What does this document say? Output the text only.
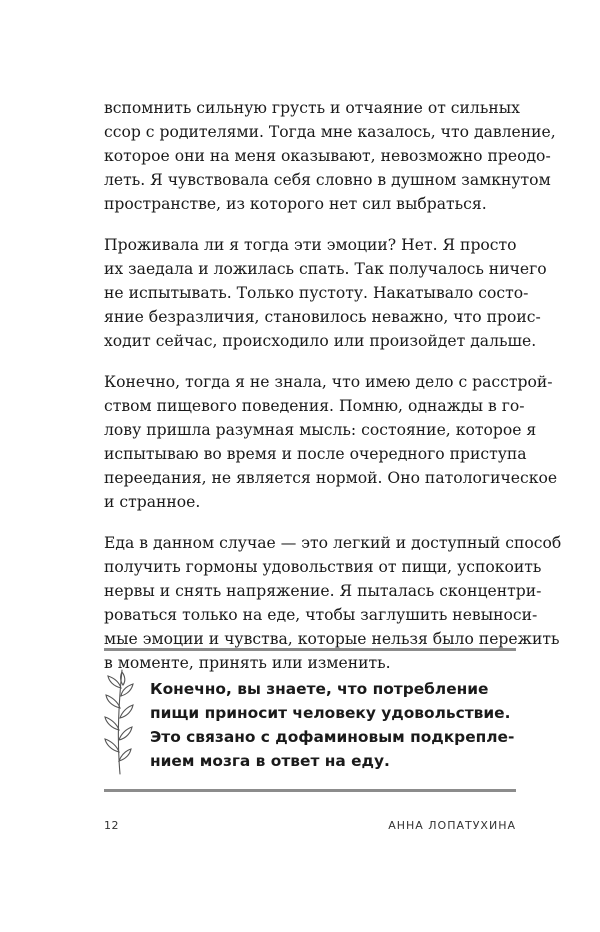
вспомнить сильную грусть и отчаяние от сильных
ссор с родителями. Тогда мне казалось, что давление,
которое они на меня оказывают, невозможно преодо-
леть. Я чувствовала себя словно в душном замкнутом
пространстве, из которого нет сил выбраться.
Проживала ли я тогда эти эмоции? Нет. Я просто
их заедала и ложилась спать. Так получалось ничего
не испытывать. Только пустоту. Накатывало состо-
яние безразличия, становилось неважно, что проис-
ходит сейчас, происходило или произойдет дальше.
Конечно, тогда я не знала, что имею дело с расстрой-
ством пищевого поведения. Помню, однажды в го-
лову пришла разумная мысль: состояние, которое я
испытываю во время и после очередного приступа
переедания, не является нормой. Оно патологическое
и странное.
Еда в данном случае — это легкий и доступный способ
получить гормоны удовольствия от пищи, успокоить
нервы и снять напряжение. Я пыталась сконцентри-
роваться только на еде, чтобы заглушить невыноси-
мые эмоции и чувства, которые нельзя было пережить
в моменте, принять или изменить.
Конечно, вы знаете, что потребление
пищи приносит человеку удовольствие.
Это связано с дофаминовым подкрепле-
нием мозга в ответ на еду.
12	АННА ЛОПАТУХИНА
